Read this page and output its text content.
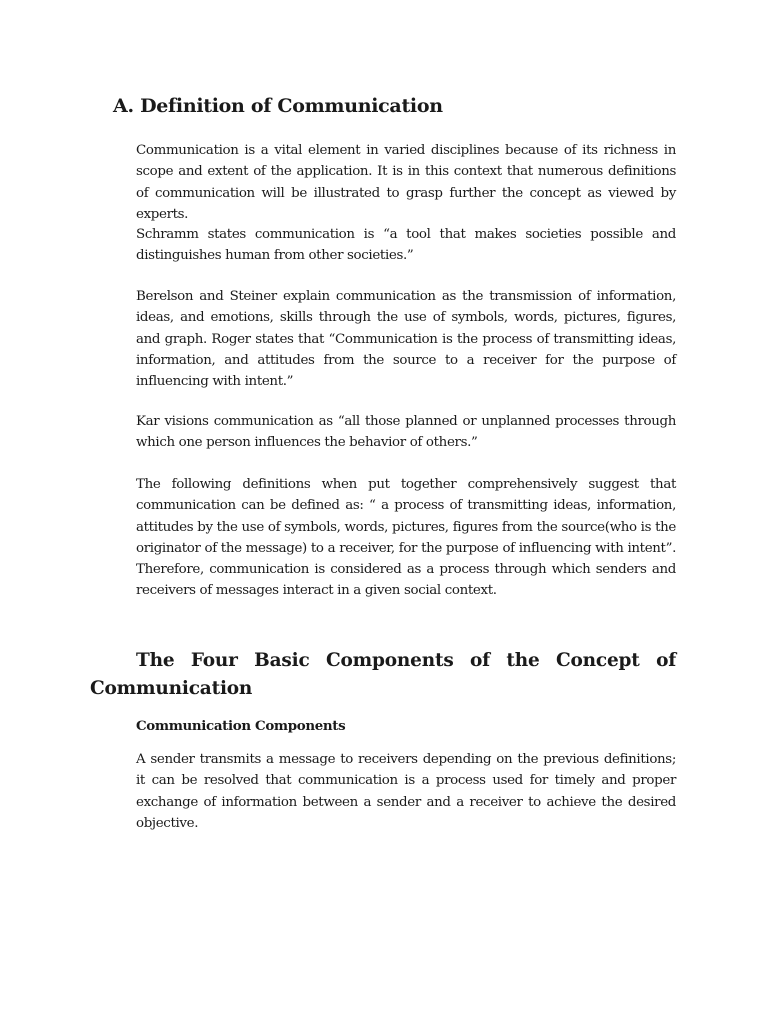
A. Definition of Communication

Communication is a vital element in varied disciplines because of its richness in scope and extent of the application. It is in this context that numerous definitions of communication will be illustrated to grasp further the concept as viewed by experts.

Schramm states communication is “a tool that makes societies possible and distinguishes human from other societies.”

Berelson and Steiner explain communication as the transmission of information, ideas, and emotions, skills through the use of symbols, words, pictures, figures, and graph. Roger states that “Communication is the process of transmitting ideas, information, and attitudes from the source to a receiver for the purpose of influencing with intent.”

Kar visions communication as “all those planned or unplanned processes through which one person influences the behavior of others.”

The following definitions when put together comprehensively suggest that communication can be defined as: “ a process of transmitting ideas, information, attitudes by the use of symbols, words, pictures, figures from the source(who is the originator of the message) to a receiver, for the purpose of influencing with intent”. Therefore, communication is considered as a process through which senders and receivers of messages interact in a given social context.

The Four Basic Components of the Concept of Communication
Communication Components

A sender transmits a message to receivers depending on the previous definitions; it can be resolved that communication is a process used for timely and proper exchange of information between a sender and a receiver to achieve the desired objective.
